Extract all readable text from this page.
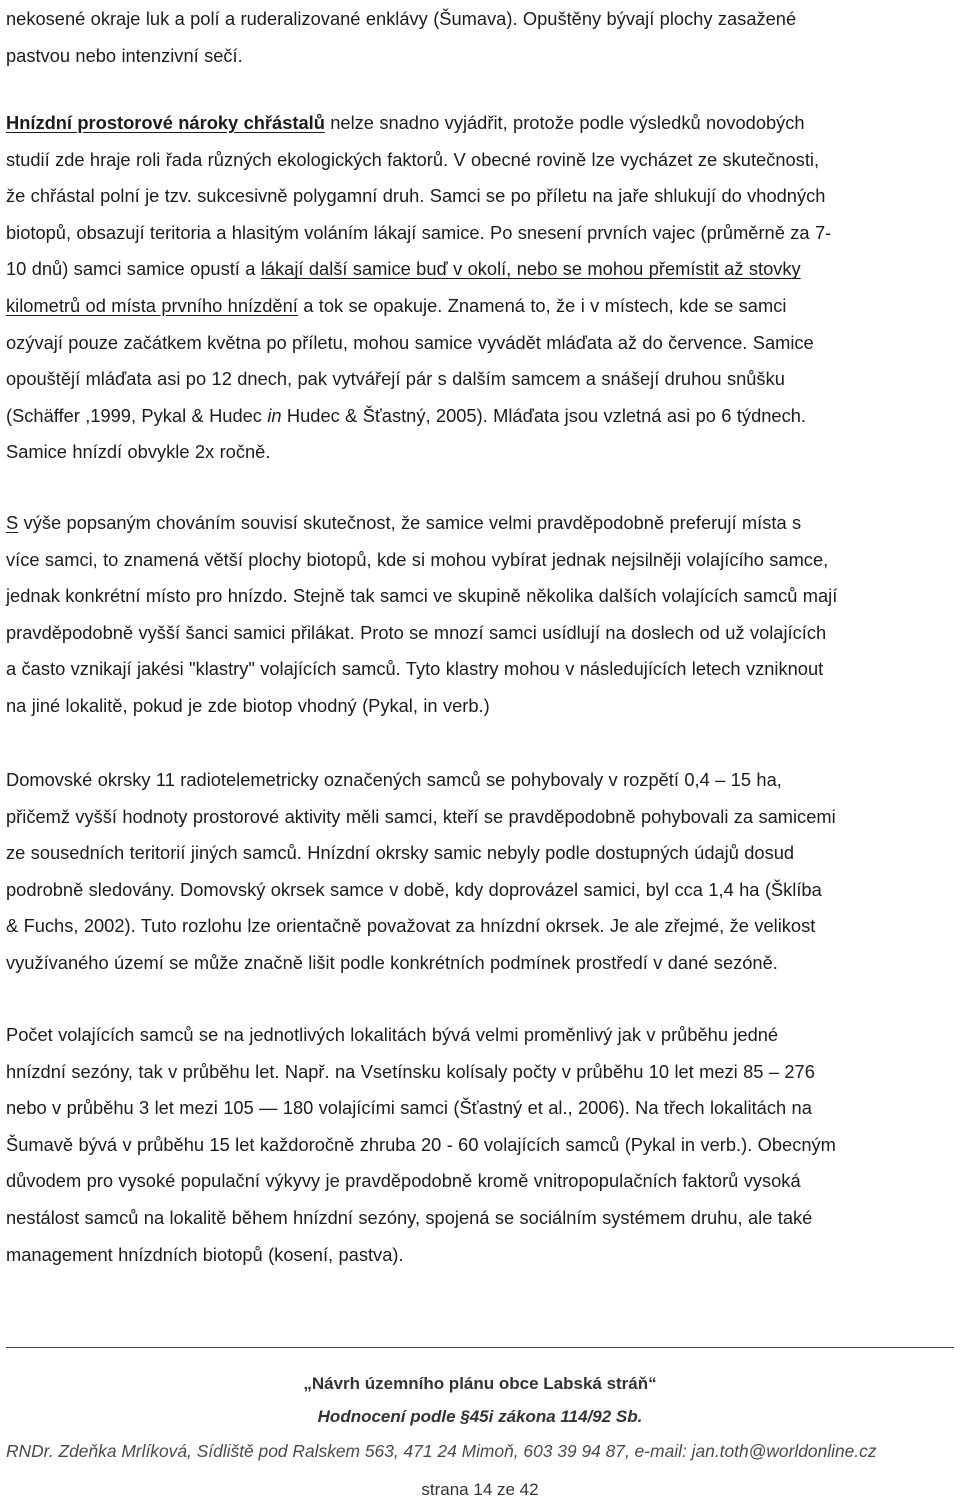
nekosené okraje luk a polí a ruderalizované enklávy (Šumava). Opuštěny bývají plochy zasažené
pastvou nebo intenzivní sečí.

Hnízdní prostorové nároky chřástalů nelze snadno vyjádřit, protože podle výsledků novodobých
studií zde hraje roli řada různých ekologických faktorů. V obecné rovině lze vycházet ze skutečnosti,
že chřástal polní je tzv. sukcesivně polygamní druh. Samci se po příletu na jaře shlukují do vhodných
biotopů, obsazují teritoria a hlasitým voláním lákají samice. Po snesení prvních vajec (průměrně za 7-
10 dnů) samci samice opustí a lákají další samice buď v okolí, nebo se mohou přemístit až stovky
kilometrů od místa prvního hnízdění a tok se opakuje. Znamená to, že i v místech, kde se samci
ozývají pouze začátkem května po příletu, mohou samice vyvádět mláďata až do července. Samice
opouštějí mláďata asi po 12 dnech, pak vytvářejí pár s dalším samcem a snášejí druhou snůšku
(Schäffer ,1999, Pykal & Hudec in Hudec & Šťastný, 2005). Mláďata jsou vzletná asi po 6 týdnech.
Samice hnízdí obvykle 2x ročně.

S výše popsaným chováním souvisí skutečnost, že samice velmi pravděpodobně preferují místa s
více samci, to znamená větší plochy biotopů, kde si mohou vybírat jednak nejsilněji volajícího samce,
jednak konkrétní místo pro hnízdo. Stejně tak samci ve skupině několika dalších volajících samců mají
pravděpodobně vyšší šanci samici přilákat. Proto se mnozí samci usídlují na doslech od už volajících
a často vznikají jakési "klastry" volajících samců. Tyto klastry mohou v následujících letech vzniknout
na jiné lokalitě, pokud je zde biotop vhodný (Pykal, in verb.)

Domovské okrsky 11 radiotelemetricky označených samců se pohybovaly v rozpětí 0,4 – 15 ha,
přičemž vyšší hodnoty prostorové aktivity měli samci, kteří se pravděpodobně pohybovali za samicemi
ze sousedních teritorií jiných samců. Hnízdní okrsky samic nebyly podle dostupných údajů dosud
podrobně sledovány. Domovský okrsek samce v době, kdy doprovázel samici, byl cca 1,4 ha (Šklíba
& Fuchs, 2002). Tuto rozlohu lze orientačně považovat za hnízdní okrsek. Je ale zřejmé, že velikost
využívaného území se může značně lišit podle konkrétních podmínek prostředí v dané sezóně.

Počet volajících samců se na jednotlivých lokalitách bývá velmi proměnlivý jak v průběhu jedné
hnízdní sezóny, tak v průběhu let. Např. na Vsetínsku kolísaly počty v průběhu 10 let mezi 85 – 276
nebo v průběhu 3 let mezi 105 — 180 volajícími samci (Šťastný et al., 2006). Na třech lokalitách na
Šumavě bývá v průběhu 15 let každoročně zhruba 20 - 60 volajících samců (Pykal in verb.). Obecným
důvodem pro vysoké populační výkyvy je pravděpodobně kromě vnitropopulačních faktorů vysoká
nestálost samců na lokalitě během hnízdní sezóny, spojená se sociálním systémem druhu, ale také
management hnízdních biotopů (kosení, pastva).

„Návrh územního plánu obce Labská stráň“

Hodnocení podle §45i zákona 114/92 Sb.

RNDr. Zdeňka Mrlíková, Sídliště pod Ralskem 563, 471 24 Mimoň, 603 39 94 87, e-mail: jan.toth@worldonline.cz

strana 14 ze 42
